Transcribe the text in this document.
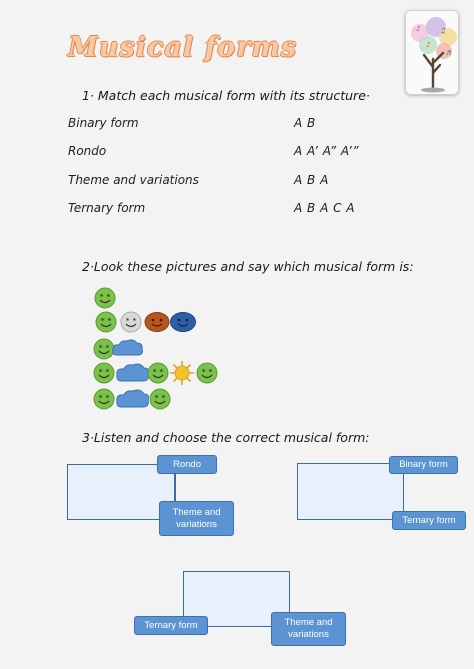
Musical forms
♪	♫
♪
♬
1· Match each musical form with its structure·
Binary form	A B
Rondo	A A’ A” A’”
Theme and variations	A B A
Ternary form	A B A C A
2·Look these pictures and say which musical form is:
3·Listen and choose the correct musical form:
Rondo
Theme and variations
Binary form
Ternary form
Ternary form	Theme and variations
